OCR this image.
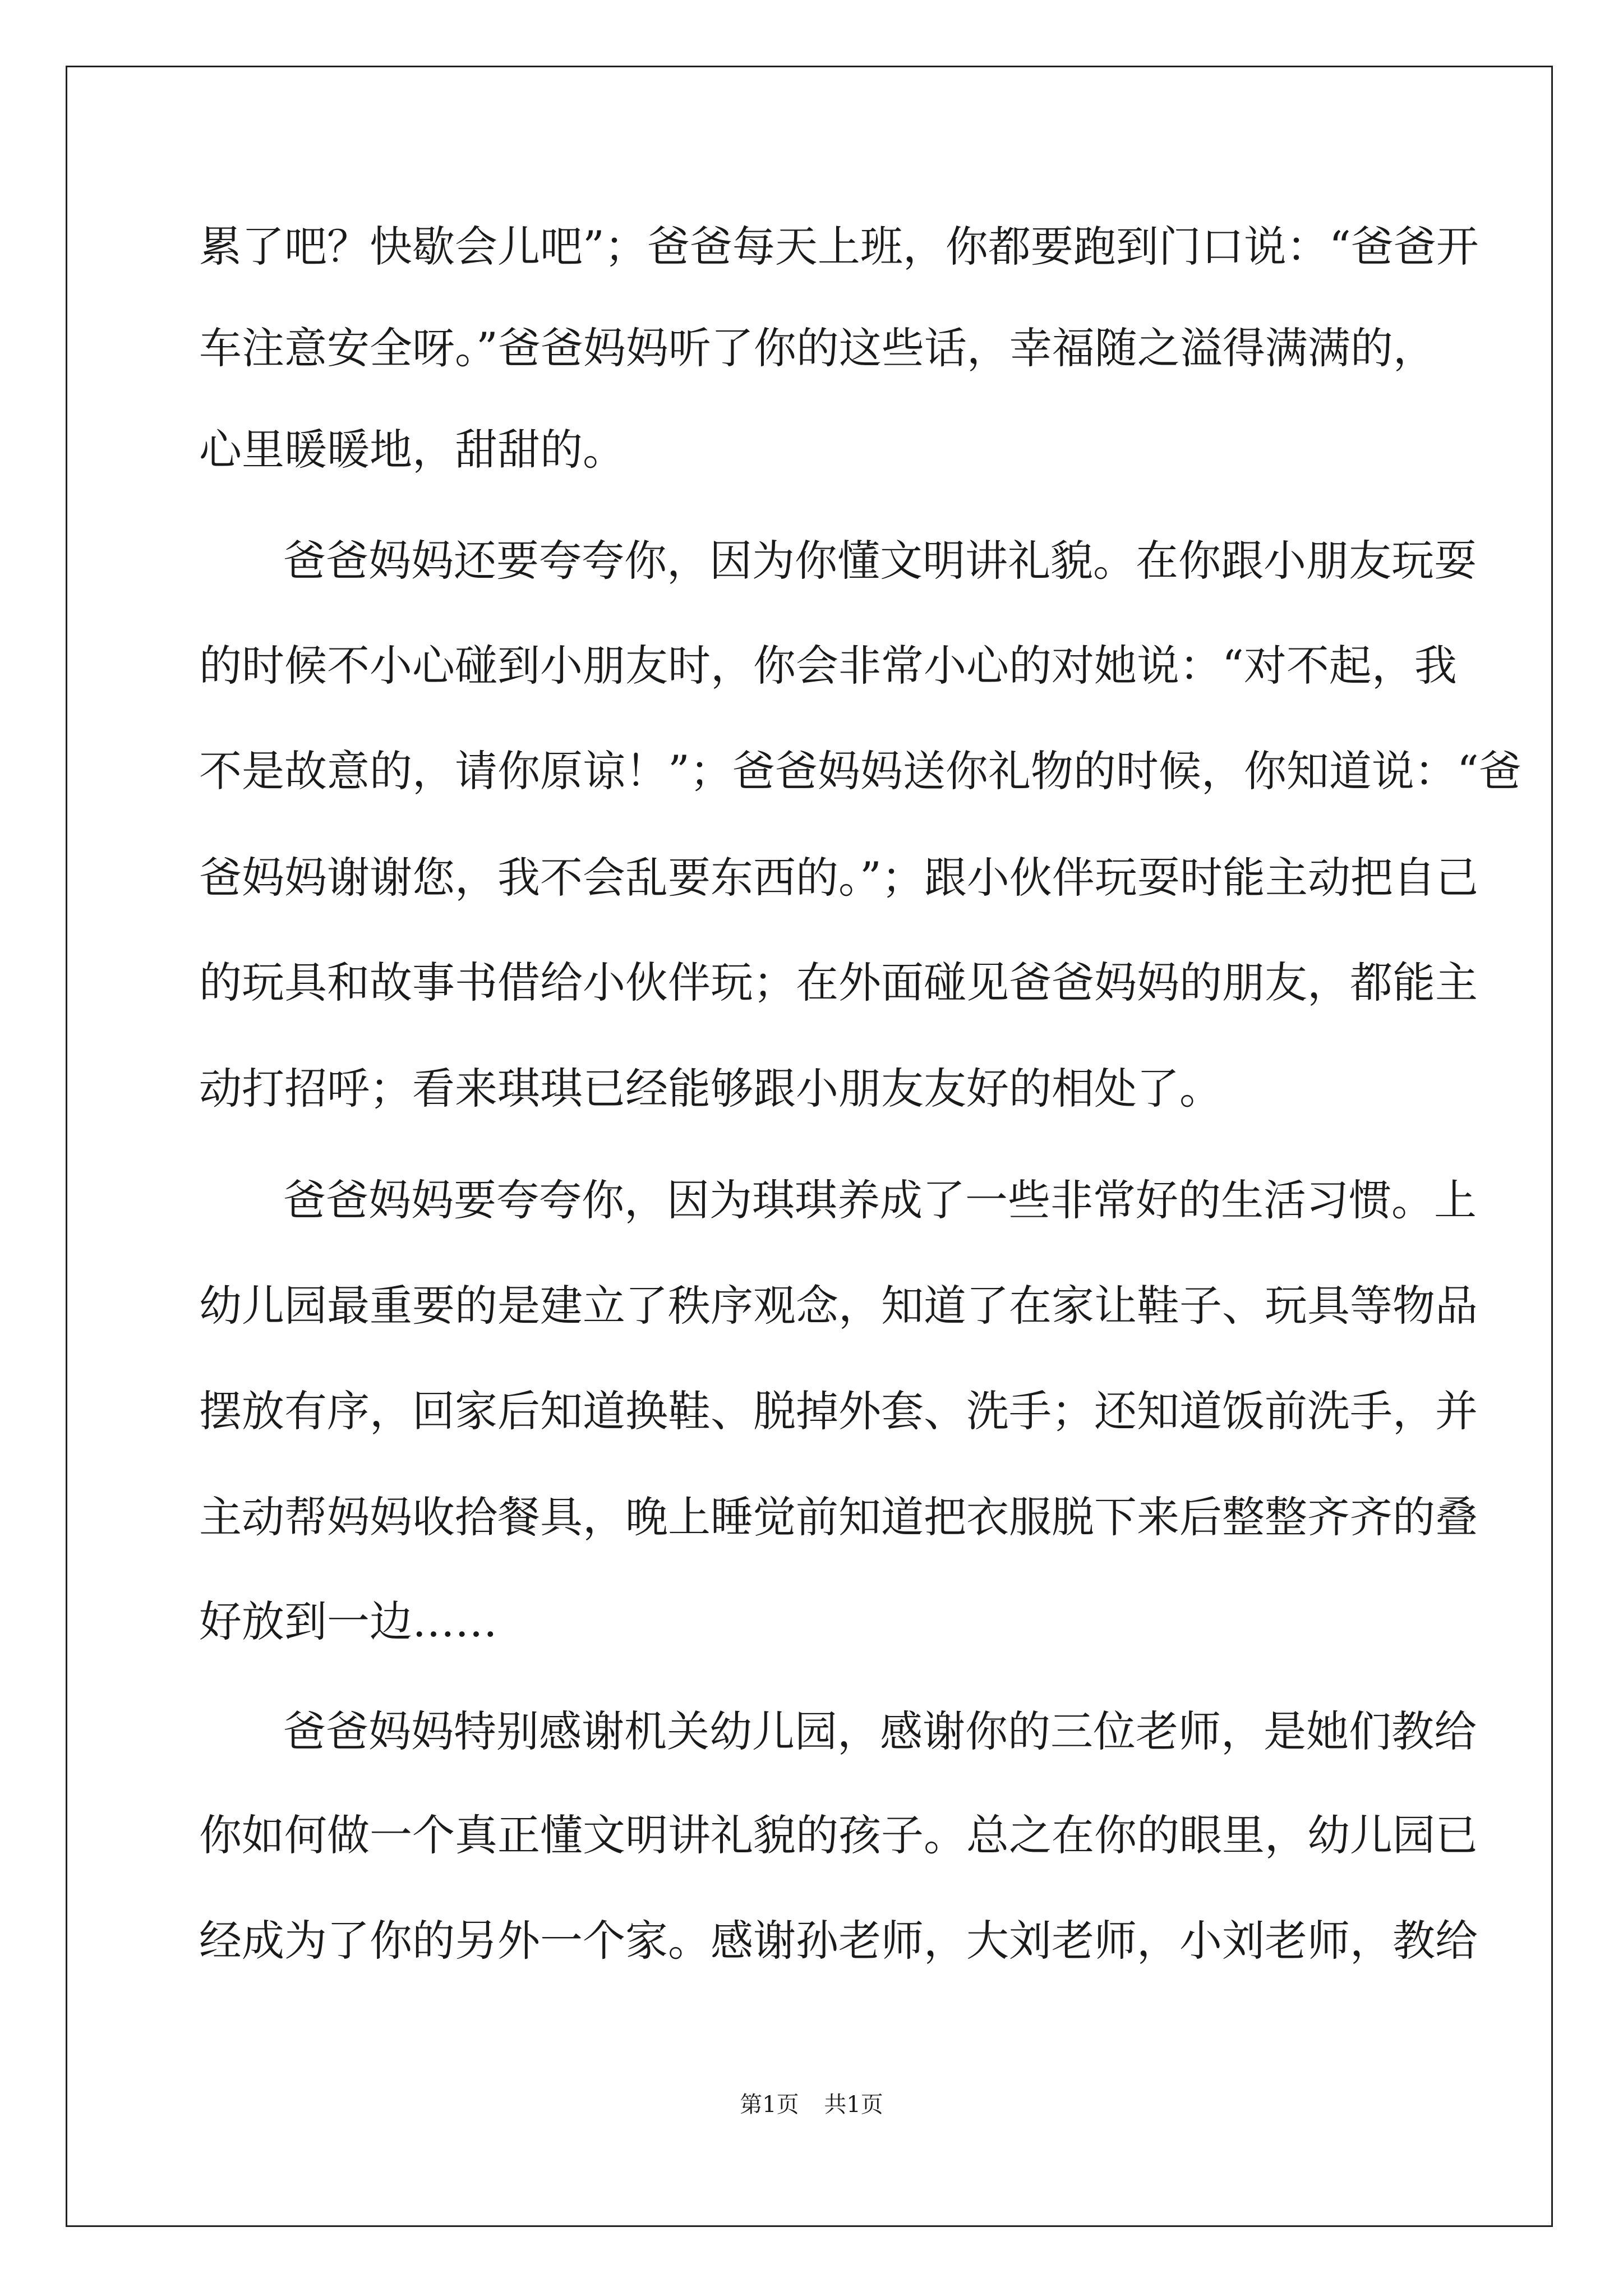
累了吧？快歇会儿吧”；爸爸每天上班，你都要跑到门口说：“爸爸开
车注意安全呀。”爸爸妈妈听了你的这些话，幸福随之溢得满满的，
心里暖暖地，甜甜的。
爸爸妈妈还要夸夸你，因为你懂文明讲礼貌。在你跟小朋友玩耍
的时候不小心碰到小朋友时，你会非常小心的对她说：“对不起，我
不是故意的，请你原谅！”；爸爸妈妈送你礼物的时候，你知道说：“爸
爸妈妈谢谢您，我不会乱要东西的。”；跟小伙伴玩耍时能主动把自己
的玩具和故事书借给小伙伴玩；在外面碰见爸爸妈妈的朋友，都能主
动打招呼；看来琪琪已经能够跟小朋友友好的相处了。
爸爸妈妈要夸夸你，因为琪琪养成了一些非常好的生活习惯。上
幼儿园最重要的是建立了秩序观念，知道了在家让鞋子、玩具等物品
摆放有序，回家后知道换鞋、脱掉外套、洗手；还知道饭前洗手，并
主动帮妈妈收拾餐具，晚上睡觉前知道把衣服脱下来后整整齐齐的叠
好放到一边……
爸爸妈妈特别感谢机关幼儿园，感谢你的三位老师，是她们教给
你如何做一个真正懂文明讲礼貌的孩子。总之在你的眼里，幼儿园已
经成为了你的另外一个家。感谢孙老师，大刘老师，小刘老师，教给
第1页 共1页
